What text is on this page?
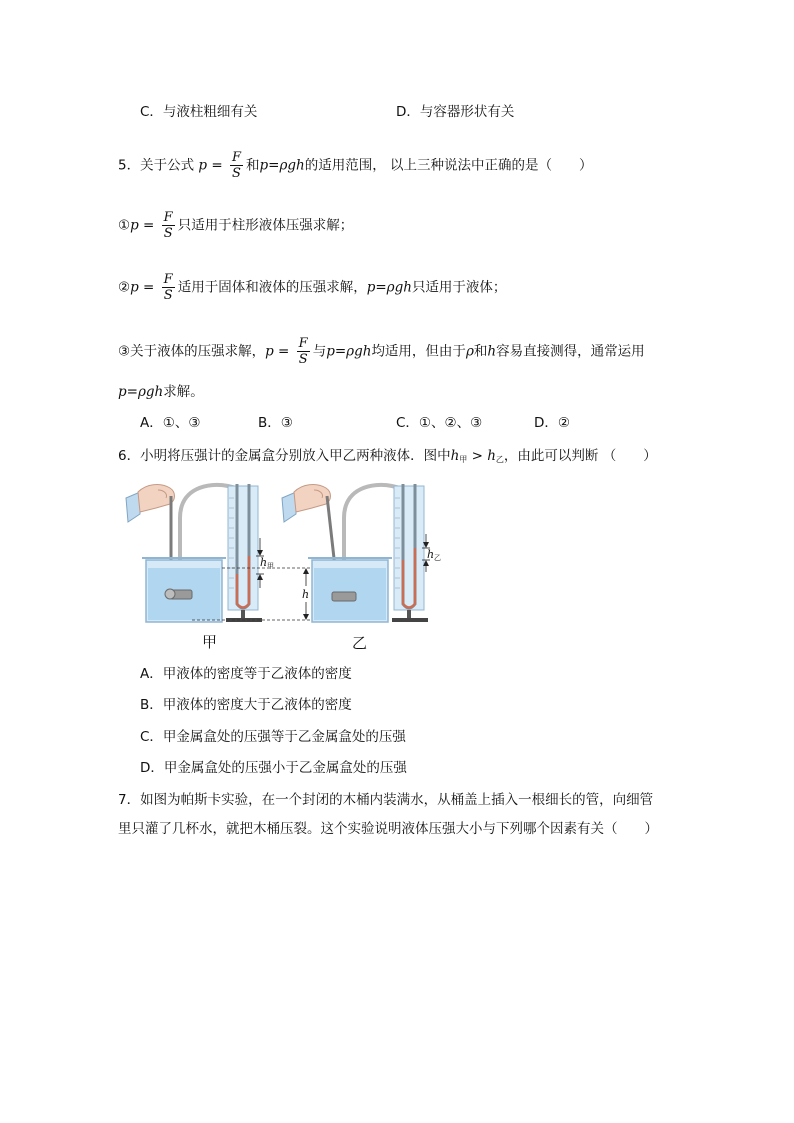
C．与液柱粗细有关	D．与容器形状有关
5．关于公式 $p = \frac{F}{S}$ 和p=ρgh的适用范围， 以上三种说法中正确的是（　　）
①p = $\frac{F}{S}$ 只适用于柱形液体压强求解；
②p = $\frac{F}{S}$ 适用于固体和液体的压强求解，p=ρgh只适用于液体；
③关于液体的压强求解，$p = \frac{F}{S}$ 与p=ρgh均适用，但由于ρ和h容易直接测得，通常运用
p=ρgh求解。
A．①、③	B．③	C．①、②、③	D．②
6．小明将压强计的金属盒分别放入甲乙两种液体．图中h甲 > h乙，由此可以判断 （　　）
h 甲
h
h 乙
甲	乙
A．甲液体的密度等于乙液体的密度
B．甲液体的密度大于乙液体的密度
C．甲金属盒处的压强等于乙金属盒处的压强
D．甲金属盒处的压强小于乙金属盒处的压强
7．如图为帕斯卡实验，在一个封闭的木桶内装满水，从桶盖上插入一根细长的管，向细管
里只灌了几杯水，就把木桶压裂。这个实验说明液体压强大小与下列哪个因素有关（　　）
